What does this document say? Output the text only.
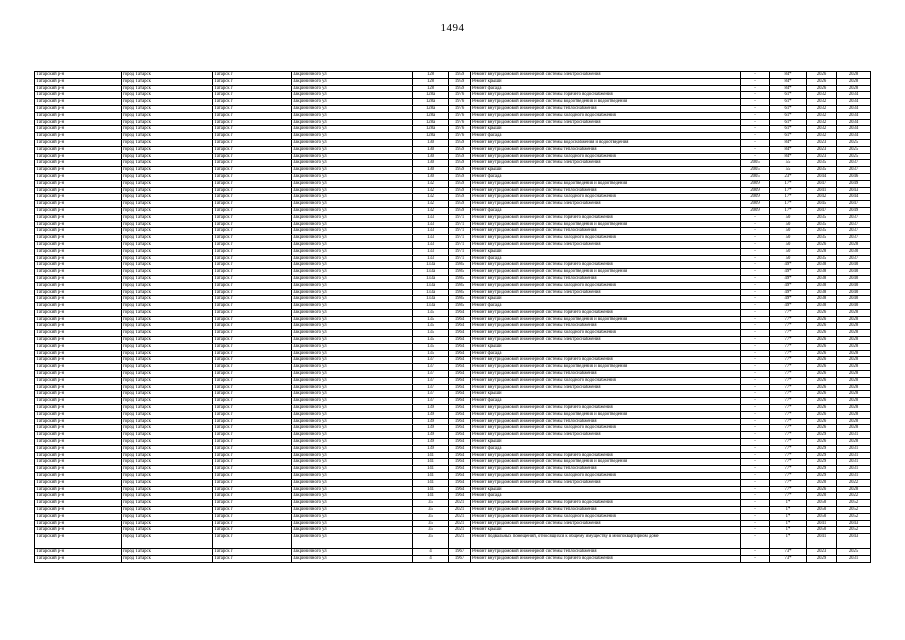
1494
Татарский р-н	город Татарск	Татарск г	Закриничного ул	128	1959	Ремонт внутридомовой инженерной системы электроснабжения	-	84*	2026	2028
Татарский р-н	город Татарск	Татарск г	Закриничного ул	128	1959	Ремонт крыши	-	84*	2026	2028
Татарский р-н	город Татарск	Татарск г	Закриничного ул	128	1959	Ремонт фасада	-	84*	2026	2028
Татарский р-н	город Татарск	Татарск г	Закриничного ул	128а	1976	Ремонт внутридомовой инженерной системы горячего водоснабжения	-	61*	2032	2034
Татарский р-н	город Татарск	Татарск г	Закриничного ул	128а	1976	Ремонт внутридомовой инженерной системы водоотведения и водоотведения	-	61*	2032	2034
Татарский р-н	город Татарск	Татарск г	Закриничного ул	128а	1976	Ремонт внутридомовой инженерной системы теплоснабжения	-	61*	2032	2034
Татарский р-н	город Татарск	Татарск г	Закриничного ул	128а	1976	Ремонт внутридомовой инженерной системы холодного водоснабжения	-	61*	2032	2034
Татарский р-н	город Татарск	Татарск г	Закриничного ул	128а	1976	Ремонт внутридомовой инженерной системы электроснабжения	-	61*	2032	2034
Татарский р-н	город Татарск	Татарск г	Закриничного ул	128а	1976	Ремонт крыши	-	61*	2032	2034
Татарский р-н	город Татарск	Татарск г	Закриничного ул	128а	1976	Ремонт фасада	-	61*	2032	2034
Татарский р-н	город Татарск	Татарск г	Закриничного ул	130	1959	Ремонт внутридомовой инженерной системы водоснабжения и водоотведения	-	84*	2023	2025
Татарский р-н	город Татарск	Татарск г	Закриничного ул	130	1959	Ремонт внутридомовой инженерной системы теплоснабжения	-	84*	2023	2025
Татарский р-н	город Татарск	Татарск г	Закриничного ул	130	1959	Ремонт внутридомовой инженерной системы холодного водоснабжения	-	84*	2023	2025
Татарский р-н	город Татарск	Татарск г	Закриничного ул	130	1959	Ремонт внутридомовой инженерной системы электроснабжения	2005	55	2035	2037
Татарский р-н	город Татарск	Татарск г	Закриничного ул	130	1959	Ремонт крыши	2005	55	2035	2037
Татарский р-н	город Татарск	Татарск г	Закриничного ул	130	1959	Ремонт фасада	2005	23*	2044	2046
Татарский р-н	город Татарск	Татарск г	Закриничного ул	132	1959	Ремонт внутридомовой инженерной системы водоотведения и водоотведения	2009	17*	2047	2049
Татарский р-н	город Татарск	Татарск г	Закриничного ул	132	1959	Ремонт внутридомовой инженерной системы теплоснабжения	2009	17*	2041	2043
Татарский р-н	город Татарск	Татарск г	Закриничного ул	132	1959	Ремонт внутридомовой инженерной системы холодного водоснабжения	2009	17*	2042	2044
Татарский р-н	город Татарск	Татарск г	Закриничного ул	132	1959	Ремонт внутридомовой инженерной системы электроснабжения	2009	17*	2045	2047
Татарский р-н	город Татарск	Татарск г	Закриничного ул	132	1959	Ремонт фасада	2009	17*	2047	2049
Татарский р-н	город Татарск	Татарск г	Закриничного ул	133	1971	Ремонт внутридомовой инженерной системы горячего водоснабжения	-	50	2035	2037
Татарский р-н	город Татарск	Татарск г	Закриничного ул	133	1971	Ремонт внутридомовой инженерной системы водоотведения и водоотведения	-	50	2035	2037
Татарский р-н	город Татарск	Татарск г	Закриничного ул	133	1971	Ремонт внутридомовой инженерной системы теплоснабжения	-	50	2035	2037
Татарский р-н	город Татарск	Татарск г	Закриничного ул	133	1971	Ремонт внутридомовой инженерной системы холодного водоснабжения	-	50	2035	2037
Татарский р-н	город Татарск	Татарск г	Закриничного ул	133	1971	Ремонт внутридомовой инженерной системы электроснабжения	-	50	2026	2028
Татарский р-н	город Татарск	Татарск г	Закриничного ул	133	1971	Ремонт крыши	-	50	2028	2030
Татарский р-н	город Татарск	Татарск г	Закриничного ул	133	1971	Ремонт фасада	-	50	2035	2037
Татарский р-н	город Татарск	Татарск г	Закриничного ул	133а	1985	Ремонт внутридомовой инженерной системы горячего водоснабжения	-	49*	2038	2040
Татарский р-н	город Татарск	Татарск г	Закриничного ул	133а	1985	Ремонт внутридомовой инженерной системы водоотведения и водоотведения	-	49*	2038	2040
Татарский р-н	город Татарск	Татарск г	Закриничного ул	133а	1985	Ремонт внутридомовой инженерной системы теплоснабжения	-	49*	2038	2040
Татарский р-н	город Татарск	Татарск г	Закриничного ул	133а	1985	Ремонт внутридомовой инженерной системы холодного водоснабжения	-	49*	2038	2040
Татарский р-н	город Татарск	Татарск г	Закриничного ул	133а	1985	Ремонт внутридомовой инженерной системы электроснабжения	-	49*	2038	2040
Татарский р-н	город Татарск	Татарск г	Закриничного ул	133а	1985	Ремонт крыши	-	49*	2038	2040
Татарский р-н	город Татарск	Татарск г	Закриничного ул	133а	1985	Ремонт фасада	-	49*	2038	2040
Татарский р-н	город Татарск	Татарск г	Закриничного ул	135	1964	Ремонт внутридомовой инженерной системы горячего водоснабжения	-	77*	2026	2028
Татарский р-н	город Татарск	Татарск г	Закриничного ул	135	1964	Ремонт внутридомовой инженерной системы водоотведения и водоотведения	-	77*	2026	2028
Татарский р-н	город Татарск	Татарск г	Закриничного ул	135	1964	Ремонт внутридомовой инженерной системы теплоснабжения	-	77*	2026	2028
Татарский р-н	город Татарск	Татарск г	Закриничного ул	135	1964	Ремонт внутридомовой инженерной системы холодного водоснабжения	-	77*	2026	2028
Татарский р-н	город Татарск	Татарск г	Закриничного ул	135	1964	Ремонт внутридомовой инженерной системы электроснабжения	-	77*	2026	2028
Татарский р-н	город Татарск	Татарск г	Закриничного ул	135	1964	Ремонт крыши	-	77*	2026	2028
Татарский р-н	город Татарск	Татарск г	Закриничного ул	135	1964	Ремонт фасада	-	77*	2026	2028
Татарский р-н	город Татарск	Татарск г	Закриничного ул	137	1964	Ремонт внутридомовой инженерной системы горячего водоснабжения	-	77*	2026	2028
Татарский р-н	город Татарск	Татарск г	Закриничного ул	137	1964	Ремонт внутридомовой инженерной системы водоотведения и водоотведения	-	77*	2026	2028
Татарский р-н	город Татарск	Татарск г	Закриничного ул	137	1964	Ремонт внутридомовой инженерной системы теплоснабжения	-	77*	2026	2028
Татарский р-н	город Татарск	Татарск г	Закриничного ул	137	1964	Ремонт внутридомовой инженерной системы холодного водоснабжения	-	77*	2026	2028
Татарский р-н	город Татарск	Татарск г	Закриничного ул	137	1964	Ремонт внутридомовой инженерной системы электроснабжения	-	77*	2026	2028
Татарский р-н	город Татарск	Татарск г	Закриничного ул	137	1964	Ремонт крыши	-	77*	2026	2028
Татарский р-н	город Татарск	Татарск г	Закриничного ул	137	1964	Ремонт фасада	-	77*	2026	2028
Татарский р-н	город Татарск	Татарск г	Закриничного ул	139	1964	Ремонт внутридомовой инженерной системы горячего водоснабжения	-	77*	2026	2028
Татарский р-н	город Татарск	Татарск г	Закриничного ул	139	1964	Ремонт внутридомовой инженерной системы водоотведения и водоотведения	-	77*	2026	2028
Татарский р-н	город Татарск	Татарск г	Закриничного ул	139	1964	Ремонт внутридомовой инженерной системы теплоснабжения	-	77*	2026	2028
Татарский р-н	город Татарск	Татарск г	Закриничного ул	139	1964	Ремонт внутридомовой инженерной системы холодного водоснабжения	-	77*	2026	2028
Татарский р-н	город Татарск	Татарск г	Закриничного ул	139	1964	Ремонт внутридомовой инженерной системы электроснабжения	-	77*	2029	2031
Татарский р-н	город Татарск	Татарск г	Закриничного ул	139	1964	Ремонт крыши	-	77*	2026	2028
Татарский р-н	город Татарск	Татарск г	Закриничного ул	139	1964	Ремонт фасада	-	77*	2029	2031
Татарский р-н	город Татарск	Татарск г	Закриничного ул	141	1964	Ремонт внутридомовой инженерной системы горячего водоснабжения	-	77*	2029	2031
Татарский р-н	город Татарск	Татарск г	Закриничного ул	141	1964	Ремонт внутридомовой инженерной системы водоотведения и водоотведения	-	77*	2029	2031
Татарский р-н	город Татарск	Татарск г	Закриничного ул	141	1964	Ремонт внутридомовой инженерной системы теплоснабжения	-	77*	2029	2031
Татарский р-н	город Татарск	Татарск г	Закриничного ул	141	1964	Ремонт внутридомовой инженерной системы холодного водоснабжения	-	77*	2029	2031
Татарский р-н	город Татарск	Татарск г	Закриничного ул	141	1964	Ремонт внутридомовой инженерной системы электроснабжения	-	77*	2020	2022
Татарский р-н	город Татарск	Татарск г	Закриничного ул	141	1964	Ремонт крыши	-	77*	2026	2028
Татарский р-н	город Татарск	Татарск г	Закриничного ул	141	1964	Ремонт фасада	-	77*	2020	2022
Татарский р-н	город Татарск	Татарск г	Закриничного ул	35	2021	Ремонт внутридомовой инженерной системы горячего водоснабжения	-	1*	2050	2052
Татарский р-н	город Татарск	Татарск г	Закриничного ул	35	2021	Ремонт внутридомовой инженерной системы теплоснабжения	-	1*	2050	2052
Татарский р-н	город Татарск	Татарск г	Закриничного ул	35	2021	Ремонт внутридомовой инженерной системы холодного водоснабжения	-	1*	2050	2052
Татарский р-н	город Татарск	Татарск г	Закриничного ул	35	2021	Ремонт внутридомовой инженерной системы электроснабжения	-	1*	2041	2043
Татарский р-н	город Татарск	Татарск г	Закриничного ул	35	2021	Ремонт крыши	-	1*	2050	2052
Татарский р-н	город Татарск	Татарск г	Закриничного ул	35	2021	Ремонт подвальных помещений, относящихся к общему имуществу в многоквартирном доме	-	1*	2041	2043
Татарский р-н	город Татарск	Татарск г	Закриничного ул	4	1967	Ремонт внутридомовой инженерной системы теплоснабжения	-	73*	2023	2025
Татарский р-н	город Татарск	Татарск г	Закриничного ул	4	1967	Ремонт внутридомовой инженерной системы горячего водоснабжения	-	73*	2029	2031
